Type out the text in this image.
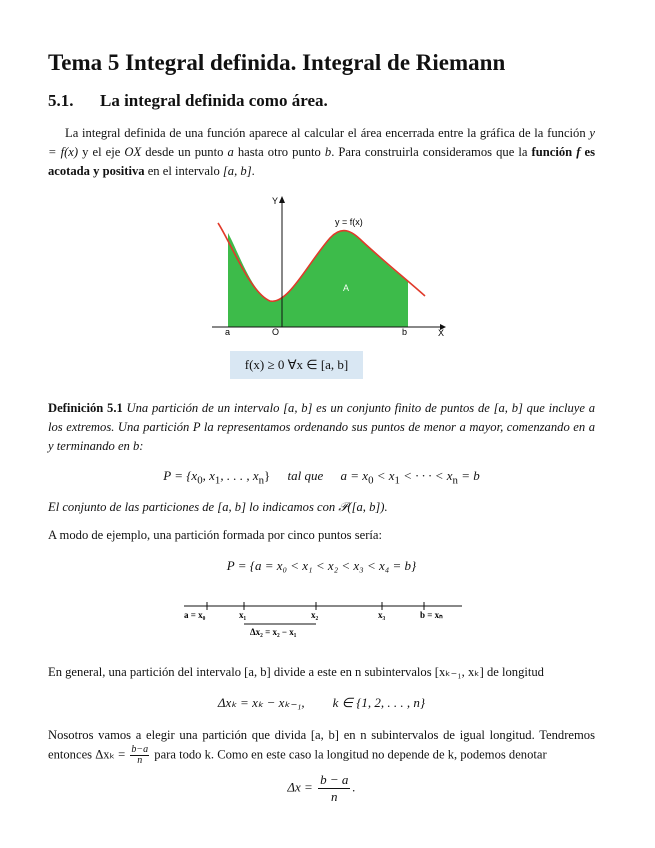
Tema 5 Integral definida. Integral de Riemann
5.1. La integral definida como área.

La integral definida de una función aparece al calcular el área encerrada entre la gráfica de la función y = f(x) y el eje OX desde un punto a hasta otro punto b. Para construirla consideramos que la función f es acotada y positiva en el intervalo [a, b].

Y
X
y = f(x)
A
a	O	b
f(x) ≥ 0 ∀x ∈ [a, b]

Definición 5.1 Una partición de un intervalo [a, b] es un conjunto finito de puntos de [a, b] que incluye a los extremos. Una partición P la representamos ordenando sus puntos de menor a mayor, comenzando en a y terminando en b:

$P = \{x_0$, $x_1$, . . . , $x_n$} tal que $a = x_0 < x_1$ < · · · < $x_n = b$
El conjunto de las particiones de [a, b] lo indicamos con 𝒫([a, b]).
A modo de ejemplo, una partición formada por cinco puntos sería:
P = {a = x₀ < x₁ < x₂ < x₃ < x₄ = b}
a = x₀	x₁	x₂	x₃	b = xₙ
Δx₂ = x₂ − x₁
En general, una partición del intervalo [a, b] divide a este en n subintervalos [xₖ₋₁, xₖ] de longitud
Δxₖ = xₖ − xₖ₋₁, k ∈ {1, 2, . . . , n}

Nosotros vamos a elegir una partición que divida [a, b] en n subintervalos de igual longitud. Tendremos entonces $\Delta x_k = \frac{b-a}{n}$ para todo k. Como en este caso la longitud no depende de k, podemos denotar

$\Delta x = \frac{b - a}{n}$ .
